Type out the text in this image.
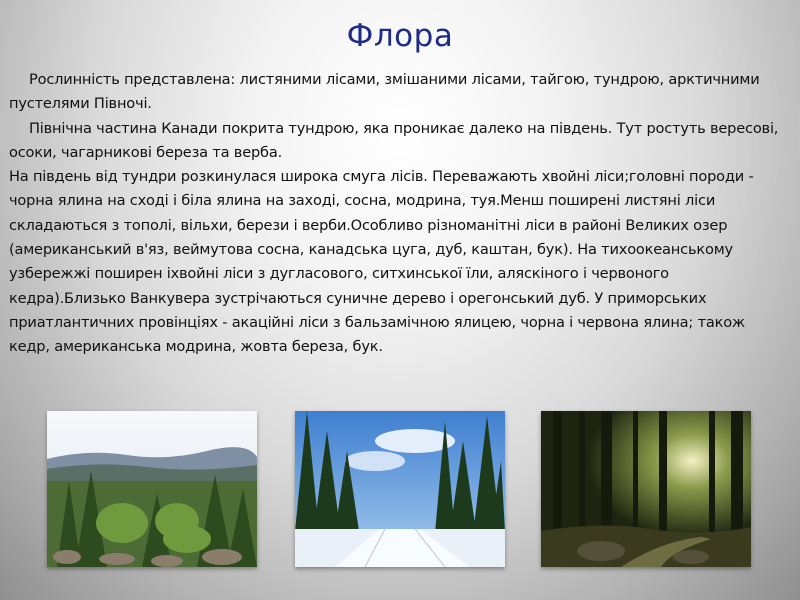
Флора

Рослинність представлена: листяними лісами, змішаними лісами, тайгою, тундрою, арктичними пустелями Півночі.

Північна частина Канади покрита тундрою, яка проникає далеко на південь. Тут ростуть вересові, осоки, чагарникові береза та верба.

На південь від тундри розкинулася широка смуга лісів. Переважають хвойні ліси;головні породи - чорна ялина на сході і біла ялина на заході, сосна, модрина, туя.Менш поширені листяні ліси складаються з тополі, вільхи, берези і верби.Особливо різноманітні ліси в районі Великих озер (американський в'яз, веймутова сосна, канадська цуга, дуб, каштан, бук). На тихоокеанському узбережжі поширен іхвойні ліси з дугласового, ситхинської їли, аляскіного і червоного кедра).Близько Ванкувера зустрічаються суничне дерево і орегонський дуб. У приморських приатлантичних провінціях - акаційні ліси з бальзамічною ялицею, чорна і червона ялина; також кедр, американська модрина, жовта береза, бук.
